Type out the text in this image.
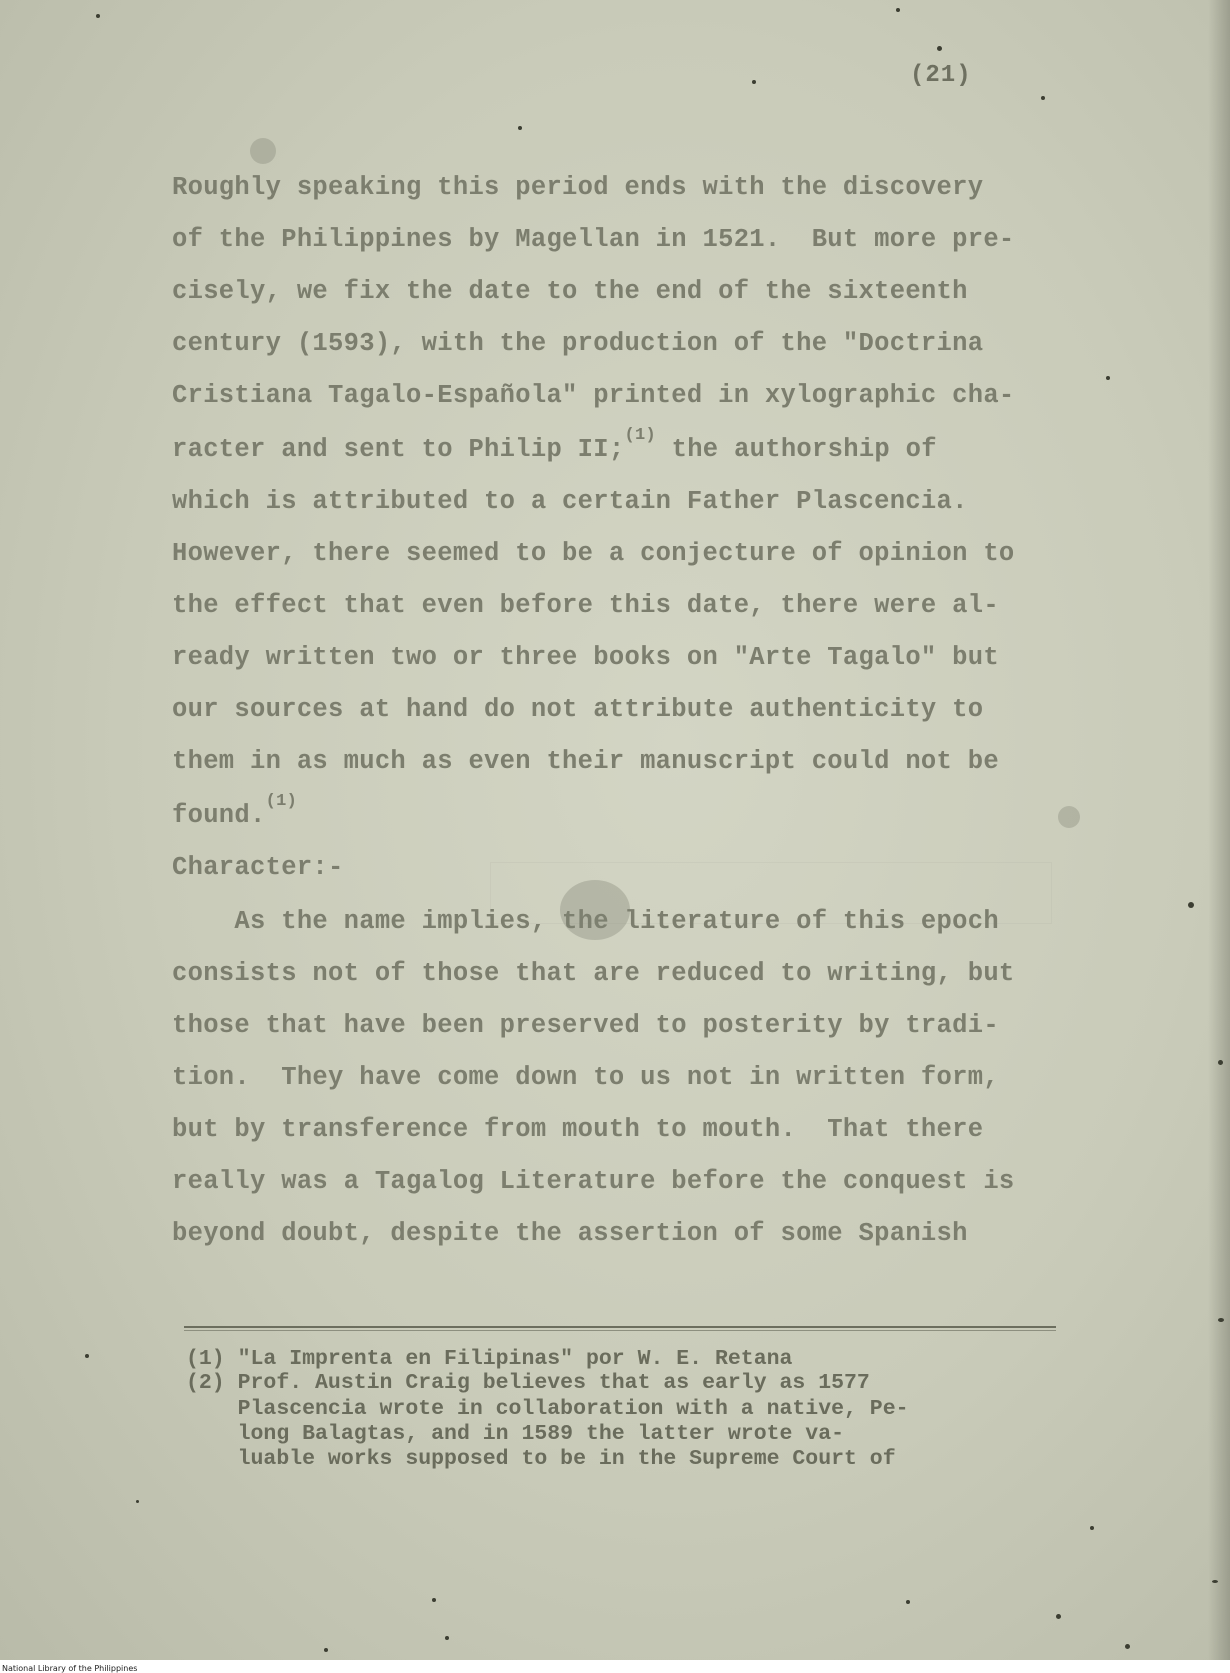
(21)
Roughly speaking this period ends with the discovery
of the Philippines by Magellan in 1521.  But more pre-
cisely, we fix the date to the end of the sixteenth
century (1593), with the production of the "Doctrina
Cristiana Tagalo-Española" printed in xylographic cha-
racter and sent to Philip II;$^{(1)}$ the authorship of
which is attributed to a certain Father Plascencia.
However, there seemed to be a conjecture of opinion to
the effect that even before this date, there were al-
ready written two or three books on "Arte Tagalo" but
our sources at hand do not attribute authenticity to
them in as much as even their manuscript could not be
found.$^{(1)}$
Character:-
As the name implies, the literature of this epoch
consists not of those that are reduced to writing, but
those that have been preserved to posterity by tradi-
tion.  They have come down to us not in written form,
but by transference from mouth to mouth.  That there
really was a Tagalog Literature before the conquest is
beyond doubt, despite the assertion of some Spanish
(1) "La Imprenta en Filipinas" por W. E. Retana
(2) Prof. Austin Craig believes that as early as 1577
Plascencia wrote in collaboration with a native, Pe-
long Balagtas, and in 1589 the latter wrote va-
luable works supposed to be in the Supreme Court of
National Library of the Philippines
